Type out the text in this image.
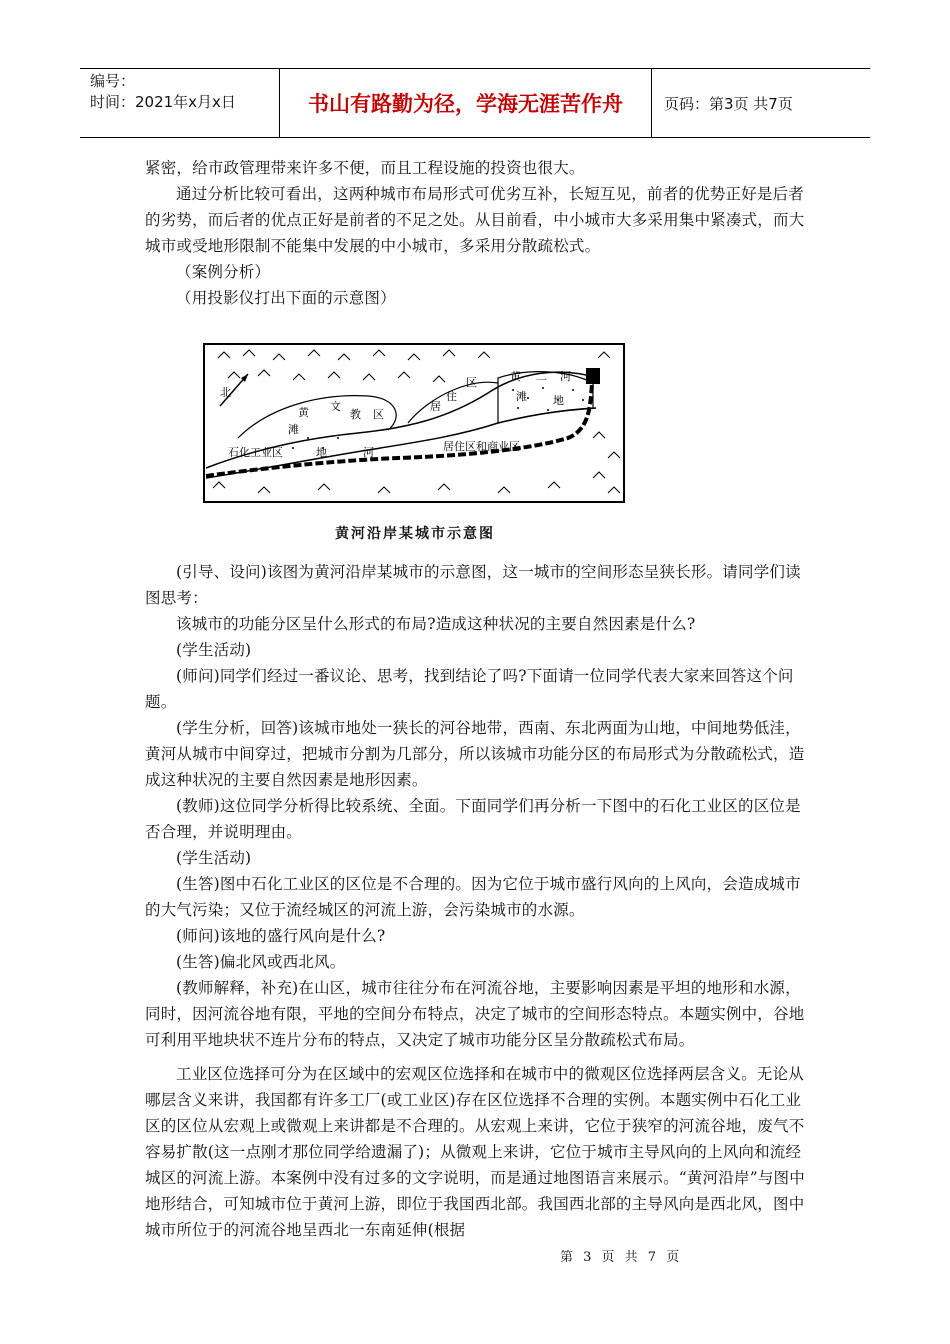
编号：
时间：2021年x月x日	书山有路勤为径，学海无涯苦作舟	页码：第3页 共7页

紧密，给市政管理带来许多不便，而且工程设施的投资也很大。

通过分析比较可看出，这两种城市布局形式可优劣互补，长短互见，前者的优势正好是后者的劣势，而后者的优点正好是前者的不足之处。从目前看，中小城市大多采用集中紧凑式，而大城市或受地形限制不能集中发展的中小城市，多采用分散疏松式。

（案例分析）

（用投影仪打出下面的示意图）

北
石化工业区
黄
滩
地	河
文
教 区
居
住
区	黄 二 河
滩 地
居住区和商业区
黄河沿岸某城市示意图

(引导、设问)该图为黄河沿岸某城市的示意图，这一城市的空间形态呈狭长形。请同学们读图思考：

该城市的功能分区呈什么形式的布局?造成这种状况的主要自然因素是什么?

(学生活动)

(师问)同学们经过一番议论、思考，找到结论了吗?下面请一位同学代表大家来回答这个问题。

(学生分析，回答)该城市地处一狭长的河谷地带，西南、东北两面为山地，中间地势低洼，黄河从城市中间穿过，把城市分割为几部分，所以该城市功能分区的布局形式为分散疏松式，造成这种状况的主要自然因素是地形因素。

(教师)这位同学分析得比较系统、全面。下面同学们再分析一下图中的石化工业区的区位是否合理，并说明理由。

(学生活动)

(生答)图中石化工业区的区位是不合理的。因为它位于城市盛行风向的上风向，会造成城市的大气污染；又位于流经城区的河流上游，会污染城市的水源。

(师问)该地的盛行风向是什么?

(生答)偏北风或西北风。

(教师解释，补充)在山区，城市往往分布在河流谷地，主要影响因素是平坦的地形和水源，同时，因河流谷地有限，平地的空间分布特点，决定了城市的空间形态特点。本题实例中，谷地可利用平地块状不连片分布的特点，又决定了城市功能分区呈分散疏松式布局。

工业区位选择可分为在区域中的宏观区位选择和在城市中的微观区位选择两层含义。无论从哪层含义来讲，我国都有许多工厂(或工业区)存在区位选择不合理的实例。本题实例中石化工业区的区位从宏观上或微观上来讲都是不合理的。从宏观上来讲，它位于狭窄的河流谷地，废气不容易扩散(这一点刚才那位同学给遗漏了)；从微观上来讲，它位于城市主导风向的上风向和流经城区的河流上游。本案例中没有过多的文字说明，而是通过地图语言来展示。“黄河沿岸”与图中地形结合，可知城市位于黄河上游，即位于我国西北部。我国西北部的主导风向是西北风，图中城市所位于的河流谷地呈西北一东南延伸(根据

第 3 页 共 7 页
